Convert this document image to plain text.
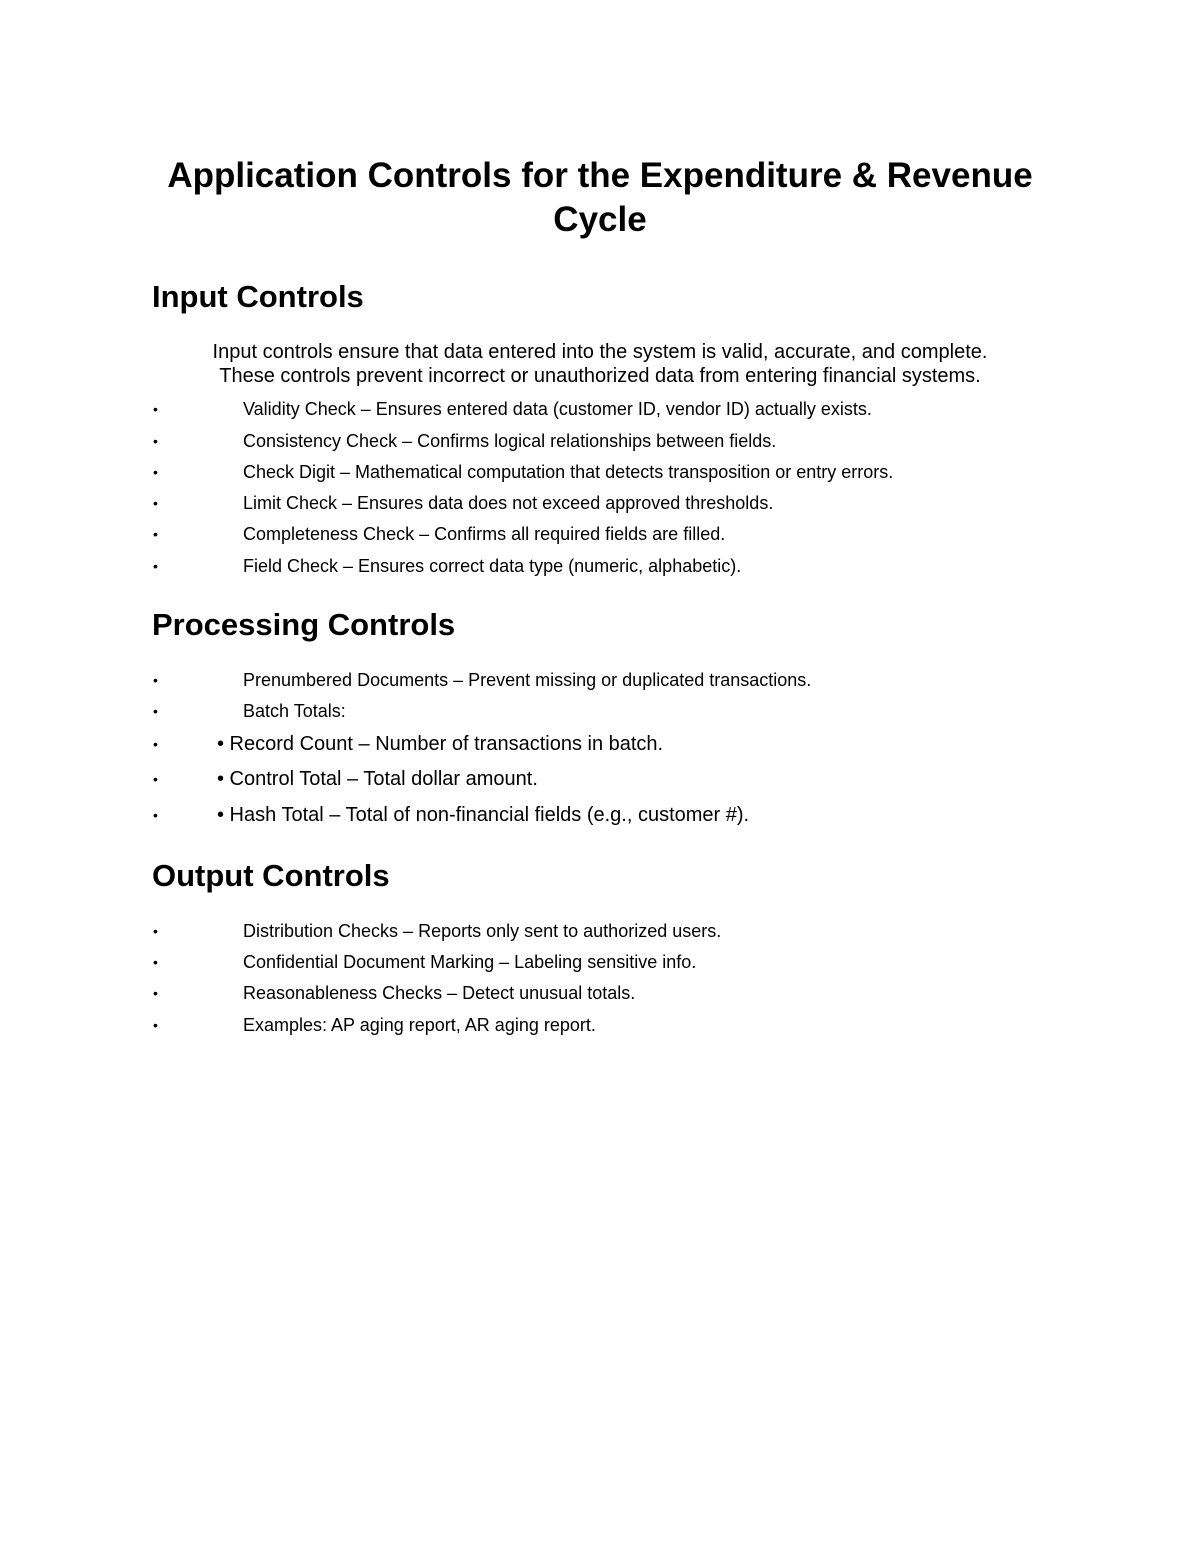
Application Controls for the Expenditure & Revenue Cycle
Input Controls

Input controls ensure that data entered into the system is valid, accurate, and complete.
These controls prevent incorrect or unauthorized data from entering financial systems.

•	Validity Check – Ensures entered data (customer ID, vendor ID) actually exists.
•	Consistency Check – Confirms logical relationships between fields.
•	Check Digit – Mathematical computation that detects transposition or entry errors.
•	Limit Check – Ensures data does not exceed approved thresholds.
•	Completeness Check – Confirms all required fields are filled.
•	Field Check – Ensures correct data type (numeric, alphabetic).
Processing Controls
•	Prenumbered Documents – Prevent missing or duplicated transactions.
•	Batch Totals:
•	• Record Count – Number of transactions in batch.
•	• Control Total – Total dollar amount.
•	• Hash Total – Total of non-financial fields (e.g., customer #).
Output Controls
•	Distribution Checks – Reports only sent to authorized users.
•	Confidential Document Marking – Labeling sensitive info.
•	Reasonableness Checks – Detect unusual totals.
•	Examples: AP aging report, AR aging report.
